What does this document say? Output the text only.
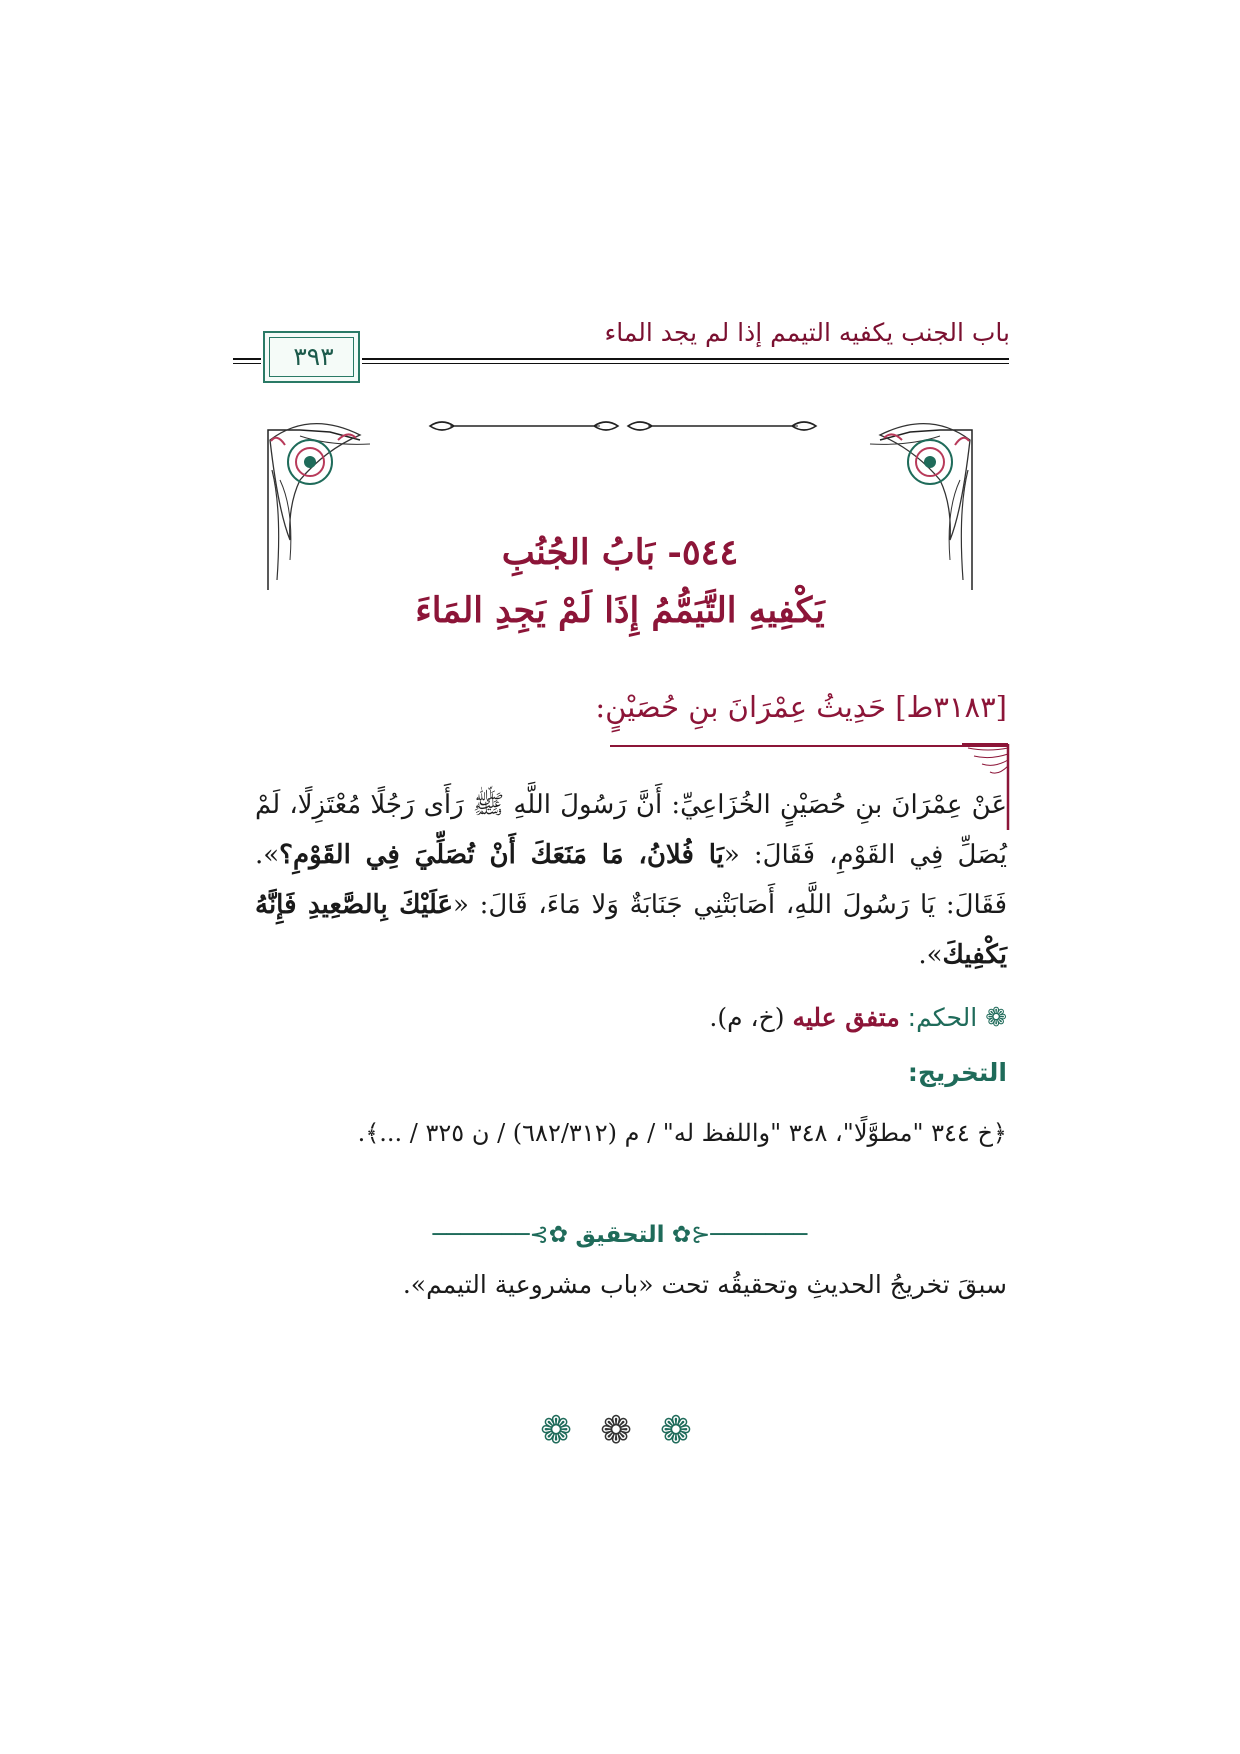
باب الجنب يكفيه التيمم إذا لم يجد الماء
٣٩٣
٥٤٤- بَابُ الجُنُبِ
يَكْفِيهِ التَّيَمُّمُ إِذَا لَمْ يَجِدِ المَاءَ
[٣١٨٣ط] حَدِيثُ عِمْرَانَ بنِ حُصَيْنٍ:
عَنْ عِمْرَانَ بنِ حُصَيْنٍ الخُزَاعِيِّ: أَنَّ رَسُولَ اللَّهِ ﷺ رَأَى رَجُلًا مُعْتَزِلًا، لَمْ يُصَلِّ فِي القَوْمِ، فَقَالَ: «يَا فُلانُ، مَا مَنَعَكَ أَنْ تُصَلِّيَ فِي القَوْمِ؟». فَقَالَ: يَا رَسُولَ اللَّهِ، أَصَابَتْنِي جَنَابَةٌ وَلا مَاءَ، قَالَ: «عَلَيْكَ بِالصَّعِيدِ فَإِنَّهُ يَكْفِيكَ».
❁ الحكم: متفق عليه (خ، م).
التخريج:
﴿خ ٣٤٤ "مطوَّلًا"، ٣٤٨ "واللفظ له" / م (٦٨٢/٣١٢) / ن ٣٢٥ / ...﴾.
───────⊰✿ التحقيق ✿⊱───────
سبقَ تخريجُ الحديثِ وتحقيقُه تحت «باب مشروعية التيمم».
❁ ❁ ❁
